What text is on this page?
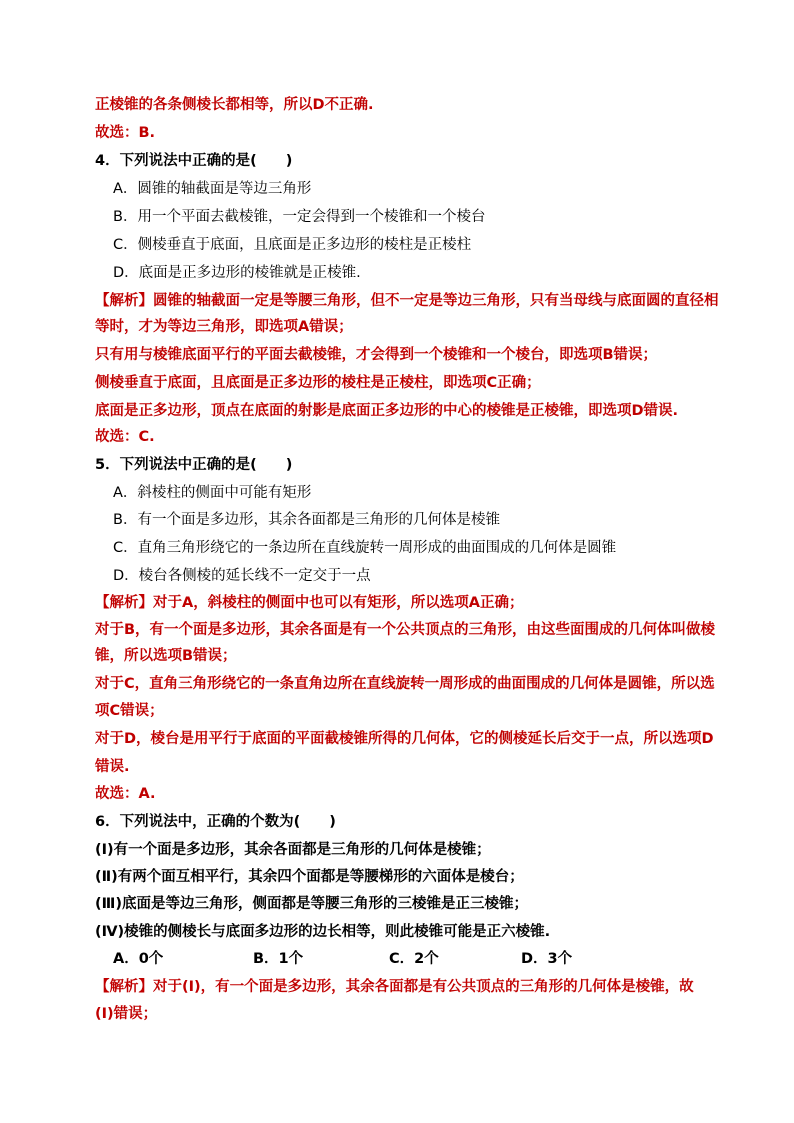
正棱锥的各条侧棱长都相等，所以D不正确.

故选：B.

4．下列说法中正确的是(　　)

A．圆锥的轴截面是等边三角形

B．用一个平面去截棱锥，一定会得到一个棱锥和一个棱台

C．侧棱垂直于底面，且底面是正多边形的棱柱是正棱柱

D．底面是正多边形的棱锥就是正棱锥.

【解析】圆锥的轴截面一定是等腰三角形，但不一定是等边三角形，只有当母线与底面圆的直径相

等时，才为等边三角形，即选项A错误；

只有用与棱锥底面平行的平面去截棱锥，才会得到一个棱锥和一个棱台，即选项B错误；

侧棱垂直于底面，且底面是正多边形的棱柱是正棱柱，即选项C正确；

底面是正多边形，顶点在底面的射影是底面正多边形的中心的棱锥是正棱锥，即选项D错误.

故选：C.

5．下列说法中正确的是(　　)

A．斜棱柱的侧面中可能有矩形

B．有一个面是多边形，其余各面都是三角形的几何体是棱锥

C．直角三角形绕它的一条边所在直线旋转一周形成的曲面围成的几何体是圆锥

D．棱台各侧棱的延长线不一定交于一点

【解析】对于A，斜棱柱的侧面中也可以有矩形，所以选项A正确；

对于B，有一个面是多边形，其余各面是有一个公共顶点的三角形，由这些面围成的几何体叫做棱

锥，所以选项B错误；

对于C，直角三角形绕它的一条直角边所在直线旋转一周形成的曲面围成的几何体是圆锥，所以选

项C错误；

对于D，棱台是用平行于底面的平面截棱锥所得的几何体，它的侧棱延长后交于一点，所以选项D

错误.

故选：A.

6．下列说法中，正确的个数为(　　)

(Ⅰ)有一个面是多边形，其余各面都是三角形的几何体是棱锥；

(Ⅱ)有两个面互相平行，其余四个面都是等腰梯形的六面体是棱台；

(Ⅲ)底面是等边三角形，侧面都是等腰三角形的三棱锥是正三棱锥；

(Ⅳ)棱锥的侧棱长与底面多边形的边长相等，则此棱锥可能是正六棱锥.

A．0个	B．1个	C．2个	D．3个

【解析】对于(Ⅰ)，有一个面是多边形，其余各面都是有公共顶点的三角形的几何体是棱锥，故

(Ⅰ)错误；
